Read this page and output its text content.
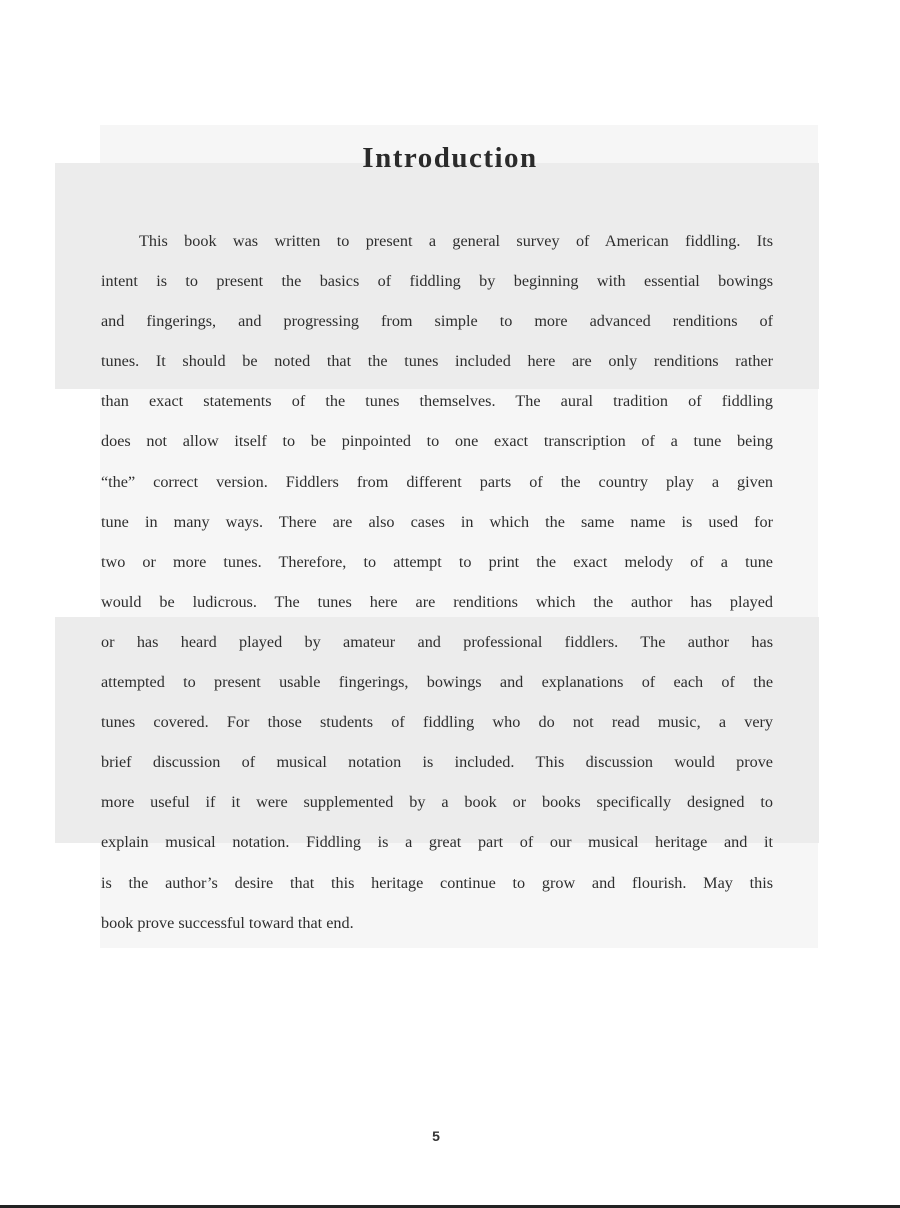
Introduction
This book was written to present a general survey of American fiddling. Its
intent is to present the basics of fiddling by beginning with essential bowings
and fingerings, and progressing from simple to more advanced renditions of
tunes. It should be noted that the tunes included here are only renditions rather
than exact statements of the tunes themselves. The aural tradition of fiddling
does not allow itself to be pinpointed to one exact transcription of a tune being
“the” correct version. Fiddlers from different parts of the country play a given
tune in many ways. There are also cases in which the same name is used for
two or more tunes. Therefore, to attempt to print the exact melody of a tune
would be ludicrous. The tunes here are renditions which the author has played
or has heard played by amateur and professional fiddlers. The author has
attempted to present usable fingerings, bowings and explanations of each of the
tunes covered. For those students of fiddling who do not read music, a very
brief discussion of musical notation is included. This discussion would prove
more useful if it were supplemented by a book or books specifically designed to
explain musical notation. Fiddling is a great part of our musical heritage and it
is the author’s desire that this heritage continue to grow and flourish. May this
book prove successful toward that end.
5
